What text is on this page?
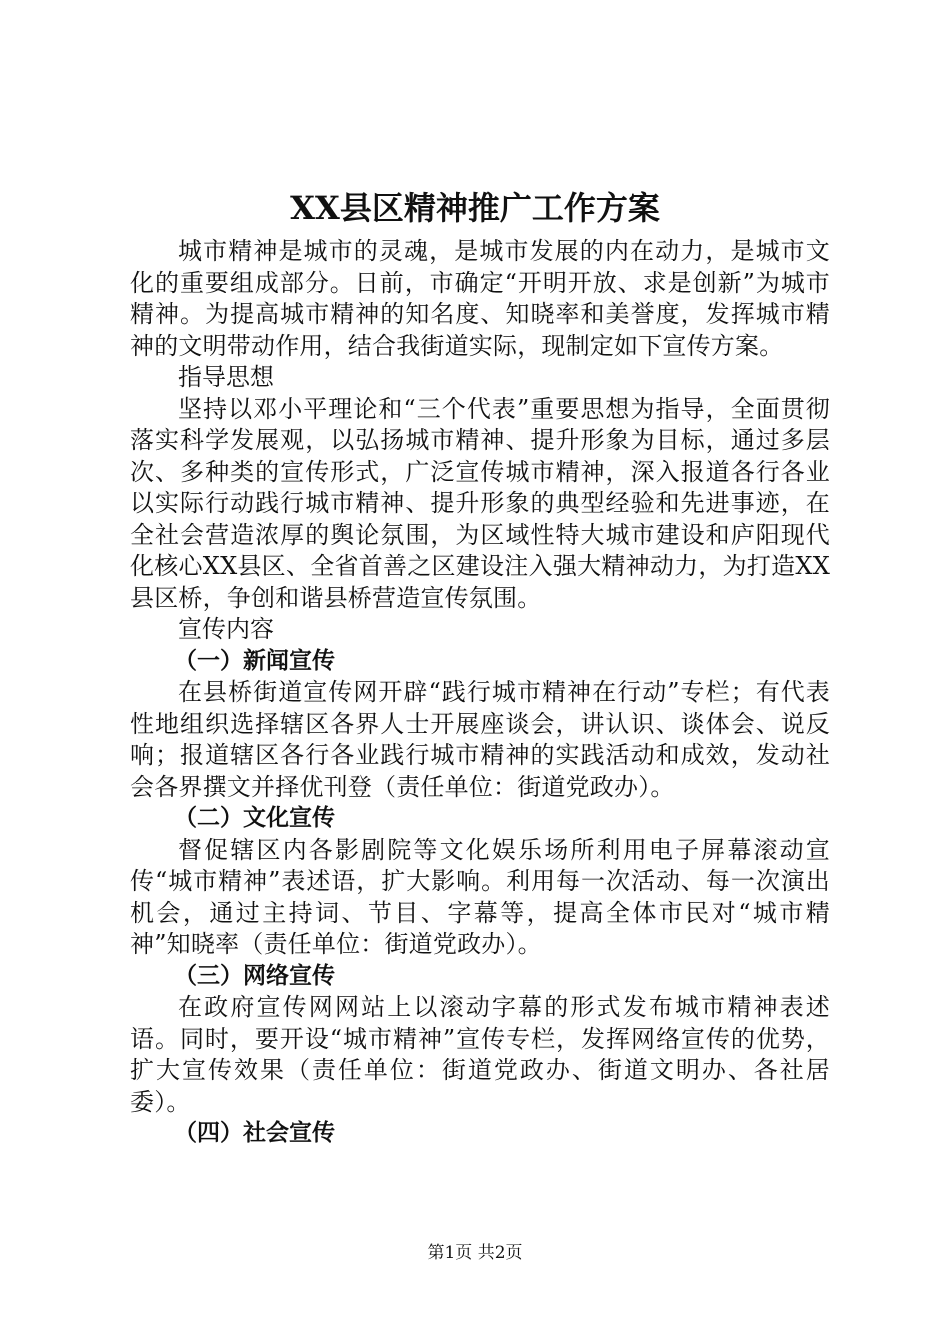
XX县区精神推广工作方案

城市精神是城市的灵魂，是城市发展的内在动力，是城市文化的重要组成部分。日前，市确定“开明开放、求是创新”为城市精神。为提高城市精神的知名度、知晓率和美誉度，发挥城市精神的文明带动作用，结合我街道实际，现制定如下宣传方案。

指导思想

坚持以邓小平理论和“三个代表”重要思想为指导，全面贯彻落实科学发展观，以弘扬城市精神、提升形象为目标，通过多层次、多种类的宣传形式，广泛宣传城市精神，深入报道各行各业以实际行动践行城市精神、提升形象的典型经验和先进事迹，在全社会营造浓厚的舆论氛围，为区域性特大城市建设和庐阳现代化核心XX县区、全省首善之区建设注入强大精神动力，为打造XX县区桥，争创和谐县桥营造宣传氛围。

宣传内容

（一）新闻宣传

在县桥街道宣传网开辟“践行城市精神在行动”专栏；有代表性地组织选择辖区各界人士开展座谈会，讲认识、谈体会、说反响；报道辖区各行各业践行城市精神的实践活动和成效，发动社会各界撰文并择优刊登（责任单位：街道党政办）。

（二）文化宣传

督促辖区内各影剧院等文化娱乐场所利用电子屏幕滚动宣传“城市精神”表述语，扩大影响。利用每一次活动、每一次演出机会，通过主持词、节目、字幕等，提高全体市民对“城市精神”知晓率（责任单位：街道党政办）。

（三）网络宣传

在政府宣传网网站上以滚动字幕的形式发布城市精神表述语。同时，要开设“城市精神”宣传专栏，发挥网络宣传的优势，扩大宣传效果（责任单位：街道党政办、街道文明办、各社居委）。

（四）社会宣传

第1页 共2页
